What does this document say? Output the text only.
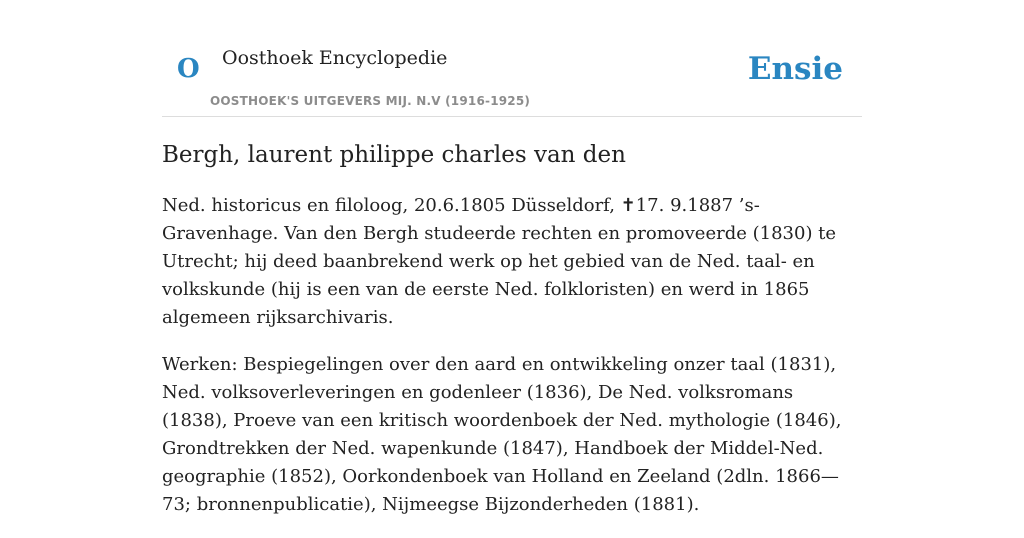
O Oosthoek Encyclopedie
OOSTHOEK'S UITGEVERS MIJ. N.V (1916-1925)
Ensie
Bergh, laurent philippe charles van den

Ned. historicus en filoloog, 20.6.1805 Düsseldorf, ✝17. 9.1887 ’s-Gravenhage. Van den Bergh studeerde rechten en promoveerde (1830) te Utrecht; hij deed baanbrekend werk op het gebied van de Ned. taal- en volkskunde (hij is een van de eerste Ned. folkloristen) en werd in 1865 algemeen rijksarchivaris.

Werken: Bespiegelingen over den aard en ontwikkeling onzer taal (1831), Ned. volksoverleveringen en godenleer (1836), De Ned. volksromans (1838), Proeve van een kritisch woordenboek der Ned. mythologie (1846), Grondtrekken der Ned. wapenkunde (1847), Handboek der Middel-Ned. geographie (1852), Oorkondenboek van Holland en Zeeland (2dln. 1866—73; bronnenpublicatie), Nijmeegse Bijzonderheden (1881).
